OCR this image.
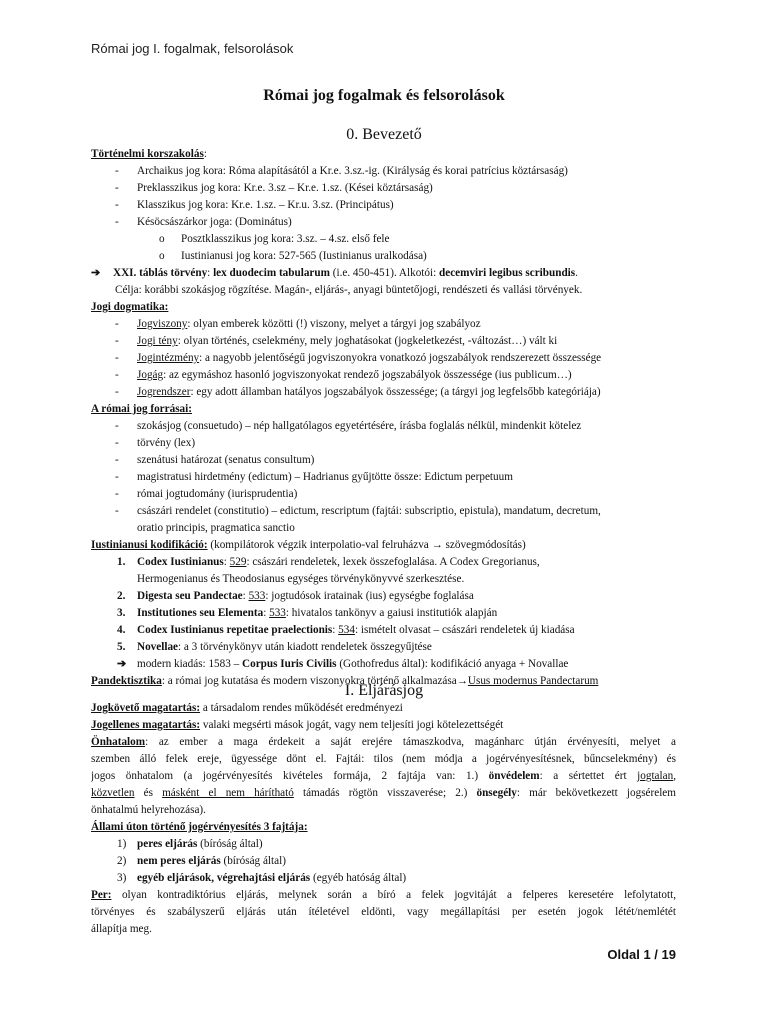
Római jog I. fogalmak, felsorolások
Római jog fogalmak és felsorolások
0. Bevezető
Történelmi korszakolás:
- Archaikus jog kora: Róma alapításától a Kr.e. 3.sz.-ig. (Királyság és korai patrícius köztársaság)
- Preklasszikus jog kora: Kr.e. 3.sz – Kr.e. 1.sz. (Kései köztársaság)
- Klasszikus jog kora: Kr.e. 1.sz. – Kr.u. 3.sz. (Principátus)
- Késöcsászárkor joga: (Dominátus)
o Posztklasszikus jog kora: 3.sz. – 4.sz. első fele
o Iustinianusi jog kora: 527-565 (Iustinianus uralkodása)
➔ XXI. táblás törvény: lex duodecim tabularum (i.e. 450-451). Alkotói: decemviri legibus scribundis.
Célja: korábbi szokásjog rögzítése. Magán-, eljárás-, anyagi büntetőjogi, rendészeti és vallási törvények.
Jogi dogmatika:
- Jogviszony: olyan emberek közötti (!) viszony, melyet a tárgyi jog szabályoz
- Jogi tény: olyan történés, cselekmény, mely joghatásokat (jogkeletkezést, -változást…) vált ki
- Jogintézmény: a nagyobb jelentőségű jogviszonyokra vonatkozó jogszabályok rendszerezett összessége
- Jogág: az egymáshoz hasonló jogviszonyokat rendező jogszabályok összessége (ius publicum…)
- Jogrendszer: egy adott államban hatályos jogszabályok összessége; (a tárgyi jog legfelsőbb kategóriája)
A római jog forrásai:
- szokásjog (consuetudo) – nép hallgatólagos egyetértésére, írásba foglalás nélkül, mindenkit kötelez
- törvény (lex)
- szenátusi határozat (senatus consultum)
- magistratusi hirdetmény (edictum) – Hadrianus gyűjtötte össze: Edictum perpetuum
- római jogtudomány (iurisprudentia)
- császári rendelet (constitutio) – edictum, rescriptum (fajtái: subscriptio, epistula), mandatum, decretum,
oratio principis, pragmatica sanctio
Iustinianusi kodifikáció: (kompilátorok végzik interpolatio-val felruházva → szövegmódosítás)
1. Codex Iustinianus: 529: császári rendeletek, lexek összefoglalása. A Codex Gregorianus,
Hermogenianus és Theodosianus egységes törvénykönyvvé szerkesztése.
2. Digesta seu Pandectae: 533: jogtudósok iratainak (ius) egységbe foglalása
3. Institutiones seu Elementa: 533: hivatalos tankönyv a gaiusi institutiók alapján
4. Codex Iustinianus repetitae praelectionis: 534: ismételt olvasat – császári rendeletek új kiadása
5. Novellae: a 3 törvénykönyv után kiadott rendeletek összegyűjtése
➔ modern kiadás: 1583 – Corpus Iuris Civilis (Gothofredus által): kodifikáció anyaga + Novallae
Pandektisztika: a római jog kutatása és modern viszonyokra történő alkalmazása→Usus modernus Pandectarum
I. Eljárásjog
Jogkövető magatartás: a társadalom rendes működését eredményezi
Jogellenes magatartás: valaki megsérti mások jogát, vagy nem teljesíti jogi kötelezettségét
Önhatalom: az ember a maga érdekeit a saját erejére támaszkodva, magánharc útján érvényesíti, melyet a
szemben álló felek ereje, ügyessége dönt el. Fajtái: tilos (nem módja a jogérvényesítésnek, bűncselekmény) és
jogos önhatalom (a jogérvényesítés kivételes formája, 2 fajtája van: 1.) önvédelem: a sértettet ért jogtalan,
közvetlen és másként el nem hárítható támadás rögtön visszaverése; 2.) önsegély: már bekövetkezett jogsérelem
önhatalmú helyrehozása).
Állami úton történő jogérvényesítés 3 fajtája:
1) peres eljárás (bíróság által)
2) nem peres eljárás (bíróság által)
3) egyéb eljárások, végrehajtási eljárás (egyéb hatóság által)
Per: olyan kontradiktórius eljárás, melynek során a bíró a felek jogvitáját a felperes keresetére lefolytatott,
törvényes és szabályszerű eljárás után ítéletével eldönti, vagy megállapítási per esetén jogok létét/nemlétét
állapítja meg.
Oldal 1 / 19
